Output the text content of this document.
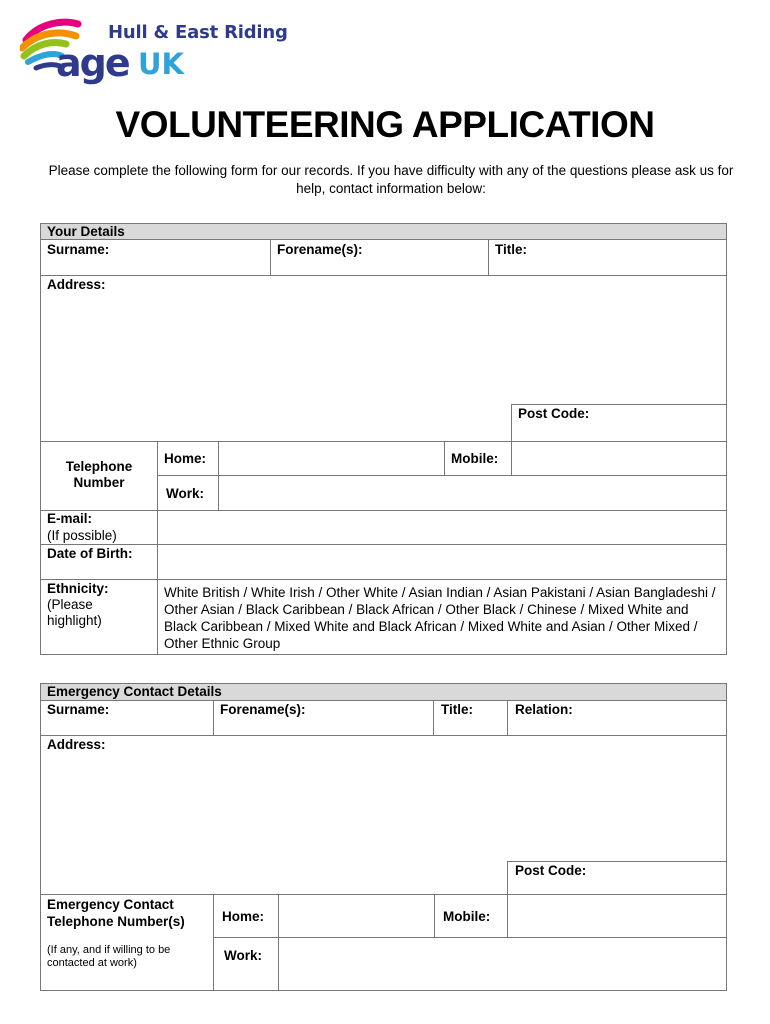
Hull & East Riding
age UK
VOLUNTEERING APPLICATION
Please complete the following form for our records. If you have difficulty with any of the questions please ask us for help, contact information below:
Your Details
Surname:	Forename(s):	Title:
Address:
Post Code:
Telephone Number
Home:	Mobile:
Work:
E-mail:
(If possible)
Date of Birth:
Ethnicity:
(Please highlight)
White British / White Irish / Other White / Asian Indian / Asian Pakistani / Asian Bangladeshi / Other Asian / Black Caribbean / Black African / Other Black / Chinese / Mixed White and Black Caribbean / Mixed White and Black African / Mixed White and Asian / Other Mixed / Other Ethnic Group
Emergency Contact Details
Surname:	Forename(s):	Title:	Relation:
Address:
Post Code:
Emergency Contact Telephone Number(s)
(If any, and if willing to be contacted at work)
Home:	Mobile:
Work:
